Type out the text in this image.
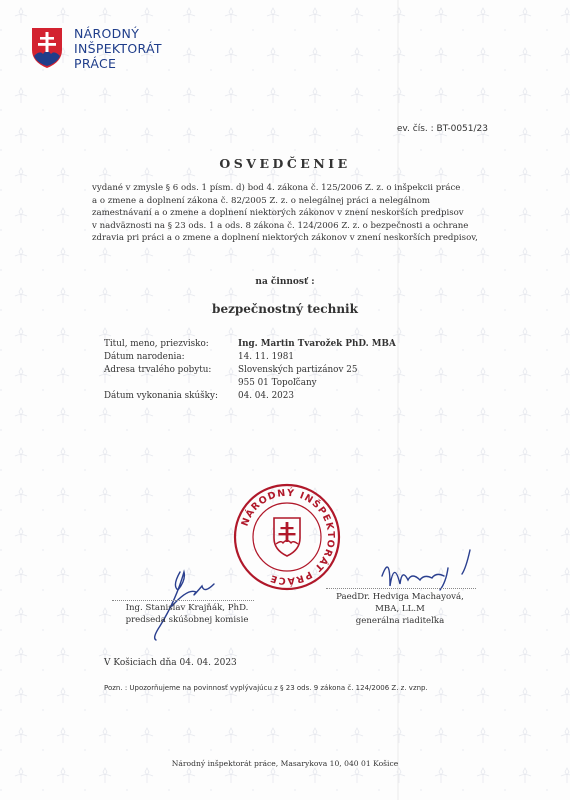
NÁRODNÝ
INŠPEKTORÁT
PRÁCE
ev. čís. : BT-0051/23
OSVEDČENIE

vydané v zmysle § 6 ods. 1 písm. d) bod 4. zákona č. 125/2006 Z. z. o inšpekcii práce

a o zmene a doplnení zákona č. 82/2005 Z. z. o nelegálnej práci a nelegálnom

zamestnávaní a o zmene a doplnení niektorých zákonov v znení neskorších predpisov

v nadväznosti na § 23 ods. 1 a ods. 8 zákona č. 124/2006 Z. z. o bezpečnosti a ochrane

zdravia pri práci a o zmene a doplnení niektorých zákonov v znení neskorších predpisov,

na činnosť :
bezpečnostný technik
Titul, meno, priezvisko:	Ing. Martin Tvarožek PhD. MBA
Dátum narodenia:	14. 11. 1981
Adresa trvalého pobytu:	Slovenských partizánov 25
955 01 Topoľčany
Dátum vykonania skúšky:	04. 04. 2023
NÁRODNÝ INŠPEKTORÁT PRÁCE
Ing. Stanislav Krajňák, PhD.
predseda skúšobnej komisie
PaedDr. Hedviga Machayová,
MBA, LL.M
generálna riaditeľka
V Košiciach dňa 04. 04. 2023
Pozn. : Upozorňujeme na povinnosť vyplývajúcu z § 23 ods. 9 zákona č. 124/2006 Z. z. vznp.
Národný inšpektorát práce, Masarykova 10, 040 01 Košice
